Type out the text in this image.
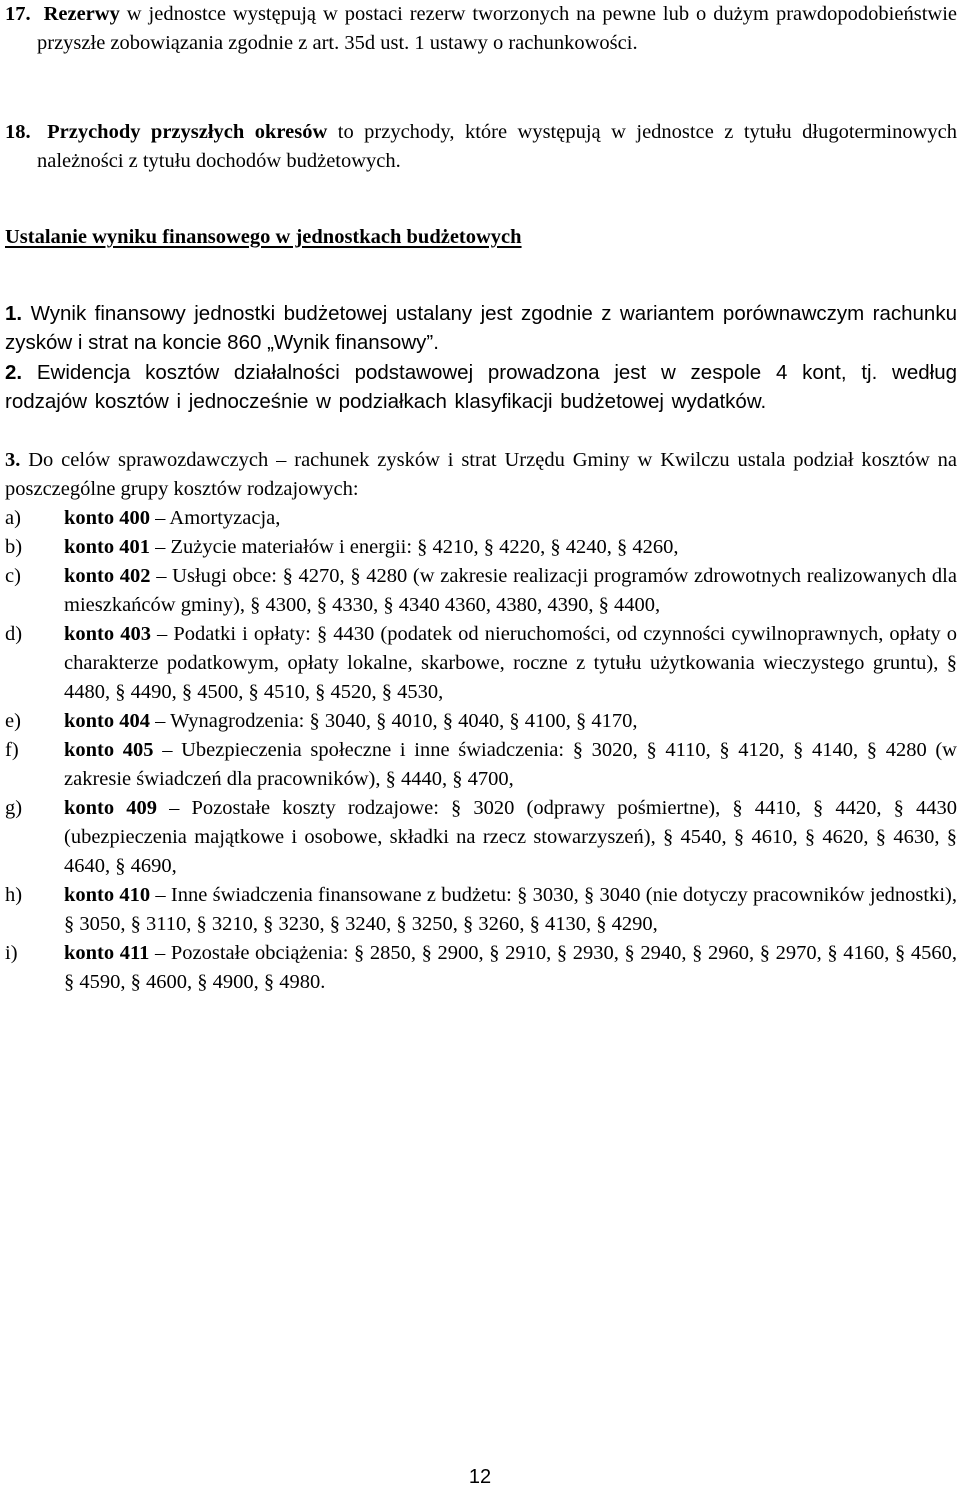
17. Rezerwy w jednostce występują w postaci rezerw tworzonych na pewne lub o dużym prawdopodobieństwie przyszłe zobowiązania zgodnie z art. 35d ust. 1 ustawy o rachunkowości.
18. Przychody przyszłych okresów to przychody, które występują w jednostce z tytułu długoterminowych należności z tytułu dochodów budżetowych.
Ustalanie wyniku finansowego w jednostkach budżetowych
1. Wynik finansowy jednostki budżetowej ustalany jest zgodnie z wariantem porównawczym rachunku zysków i strat na koncie 860 „Wynik finansowy”.
2. Ewidencja kosztów działalności podstawowej prowadzona jest w zespole 4 kont, tj. według rodzajów kosztów i jednocześnie w podziałkach klasyfikacji budżetowej wydatków.
3. Do celów sprawozdawczych – rachunek zysków i strat Urzędu Gminy w Kwilczu ustala podział kosztów na poszczególne grupy kosztów rodzajowych:
a) konto 400 – Amortyzacja,
b) konto 401 – Zużycie materiałów i energii: § 4210, § 4220, § 4240, § 4260,
c) konto 402 – Usługi obce: § 4270, § 4280 (w zakresie realizacji programów zdrowotnych realizowanych dla mieszkańców gminy), § 4300, § 4330, § 4340 4360, 4380, 4390, § 4400,
d) konto 403 – Podatki i opłaty: § 4430 (podatek od nieruchomości, od czynności cywilnoprawnych, opłaty o charakterze podatkowym, opłaty lokalne, skarbowe, roczne z tytułu użytkowania wieczystego gruntu), § 4480, § 4490, § 4500, § 4510, § 4520, § 4530,
e) konto 404 – Wynagrodzenia: § 3040, § 4010, § 4040, § 4100, § 4170,
f) konto 405 – Ubezpieczenia społeczne i inne świadczenia: § 3020, § 4110, § 4120, § 4140, § 4280 (w zakresie świadczeń dla pracowników), § 4440, § 4700,
g) konto 409 – Pozostałe koszty rodzajowe: § 3020 (odprawy pośmiertne), § 4410, § 4420, § 4430 (ubezpieczenia majątkowe i osobowe, składki na rzecz stowarzyszeń), § 4540, § 4610, § 4620, § 4630, § 4640, § 4690,
h) konto 410 – Inne świadczenia finansowane z budżetu: § 3030, § 3040 (nie dotyczy pracowników jednostki), § 3050, § 3110, § 3210, § 3230, § 3240, § 3250, § 3260, § 4130, § 4290,
i) konto 411 – Pozostałe obciążenia: § 2850, § 2900, § 2910, § 2930, § 2940, § 2960, § 2970, § 4160, § 4560, § 4590, § 4600, § 4900, § 4980.
12
